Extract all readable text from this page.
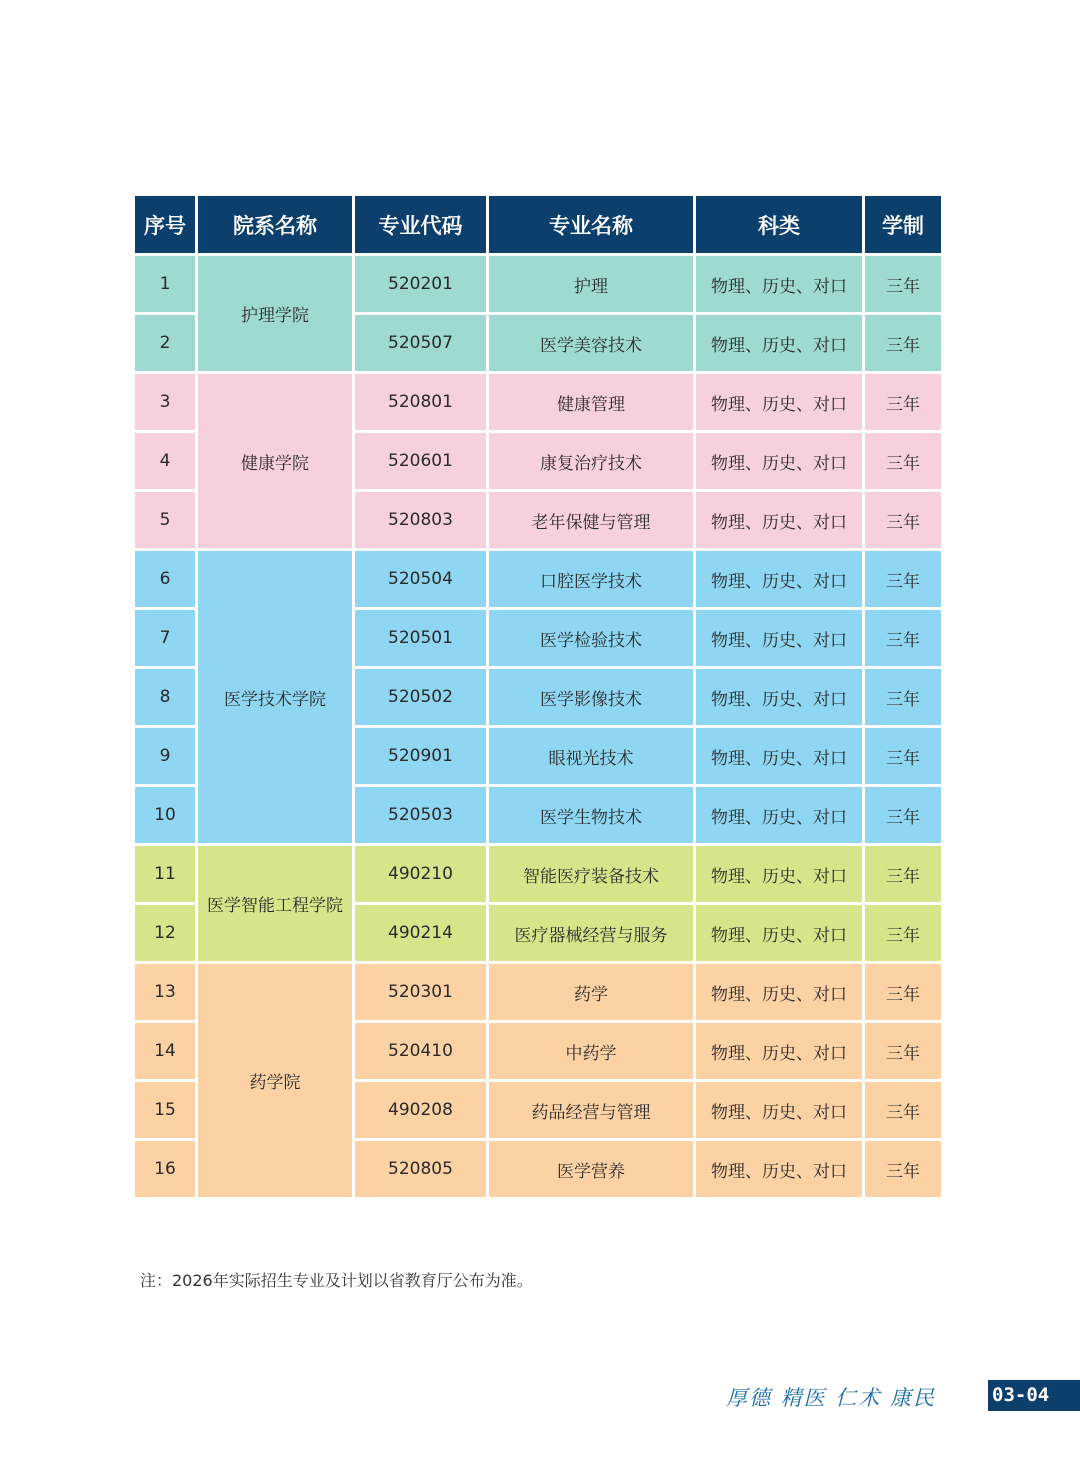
序号	院系名称	专业代码	专业名称	科类	学制
1	护理学院	520201	护理	物理、历史、对口	三年
2		520507	医学美容技术	物理、历史、对口	三年
3	健康学院	520801	健康管理	物理、历史、对口	三年
4		520601	康复治疗技术	物理、历史、对口	三年
5		520803	老年保健与管理	物理、历史、对口	三年
6	医学技术学院	520504	口腔医学技术	物理、历史、对口	三年
7		520501	医学检验技术	物理、历史、对口	三年
8		520502	医学影像技术	物理、历史、对口	三年
9		520901	眼视光技术	物理、历史、对口	三年
10		520503	医学生物技术	物理、历史、对口	三年
11	医学智能工程学院	490210	智能医疗装备技术	物理、历史、对口	三年
12		490214	医疗器械经营与服务	物理、历史、对口	三年
13	药学院	520301	药学	物理、历史、对口	三年
14		520410	中药学	物理、历史、对口	三年
15		490208	药品经营与管理	物理、历史、对口	三年
16		520805	医学营养	物理、历史、对口	三年
注：2026年实际招生专业及计划以省教育厅公布为准。
厚德 精医 仁术 康民	03-04
